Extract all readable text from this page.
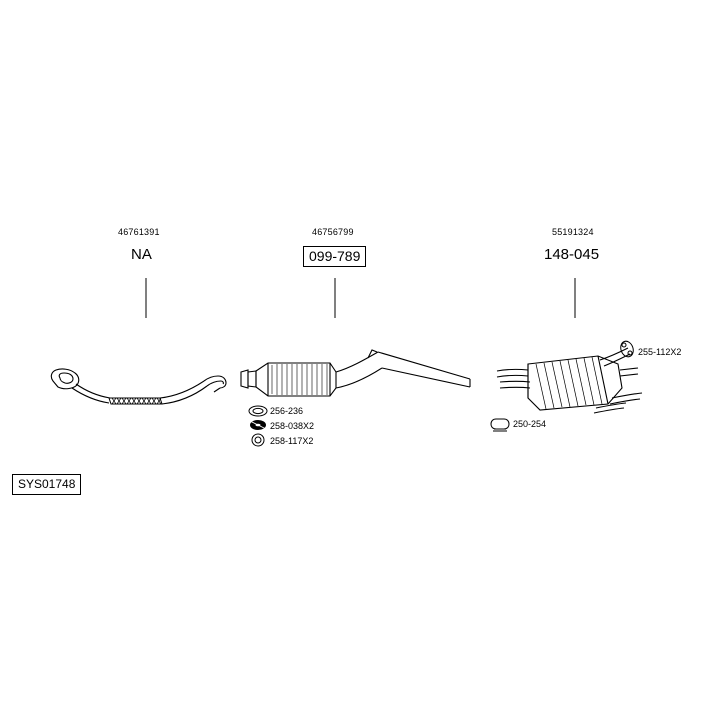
46761391
NA
46756799
099-789
55191324
148-045
256-236
258-038X2
258-117X2
250-254
255-112X2
SYS01748
